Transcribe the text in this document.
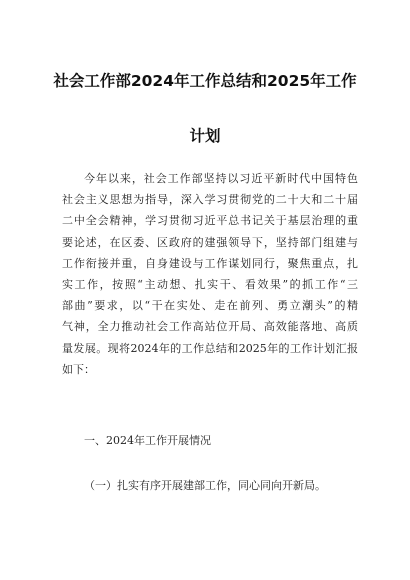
社会工作部2024年工作总结和2025年工作
计划
今年以来，社会工作部坚持以习近平新时代中国特色
社会主义思想为指导，深入学习贯彻党的二十大和二十届
二中全会精神，学习贯彻习近平总书记关于基层治理的重
要论述，在区委、区政府的建强领导下，坚持部门组建与
工作衔接并重，自身建设与工作谋划同行，聚焦重点，扎
实工作，按照“主动想、扎实干、看效果”的抓工作“三
部曲”要求，以“干在实处、走在前列、勇立潮头”的精
气神，全力推动社会工作高站位开局、高效能落地、高质
量发展。现将2024年的工作总结和2025年的工作计划汇报
如下：
一、2024年工作开展情况
（一）扎实有序开展建部工作，同心同向开新局。
